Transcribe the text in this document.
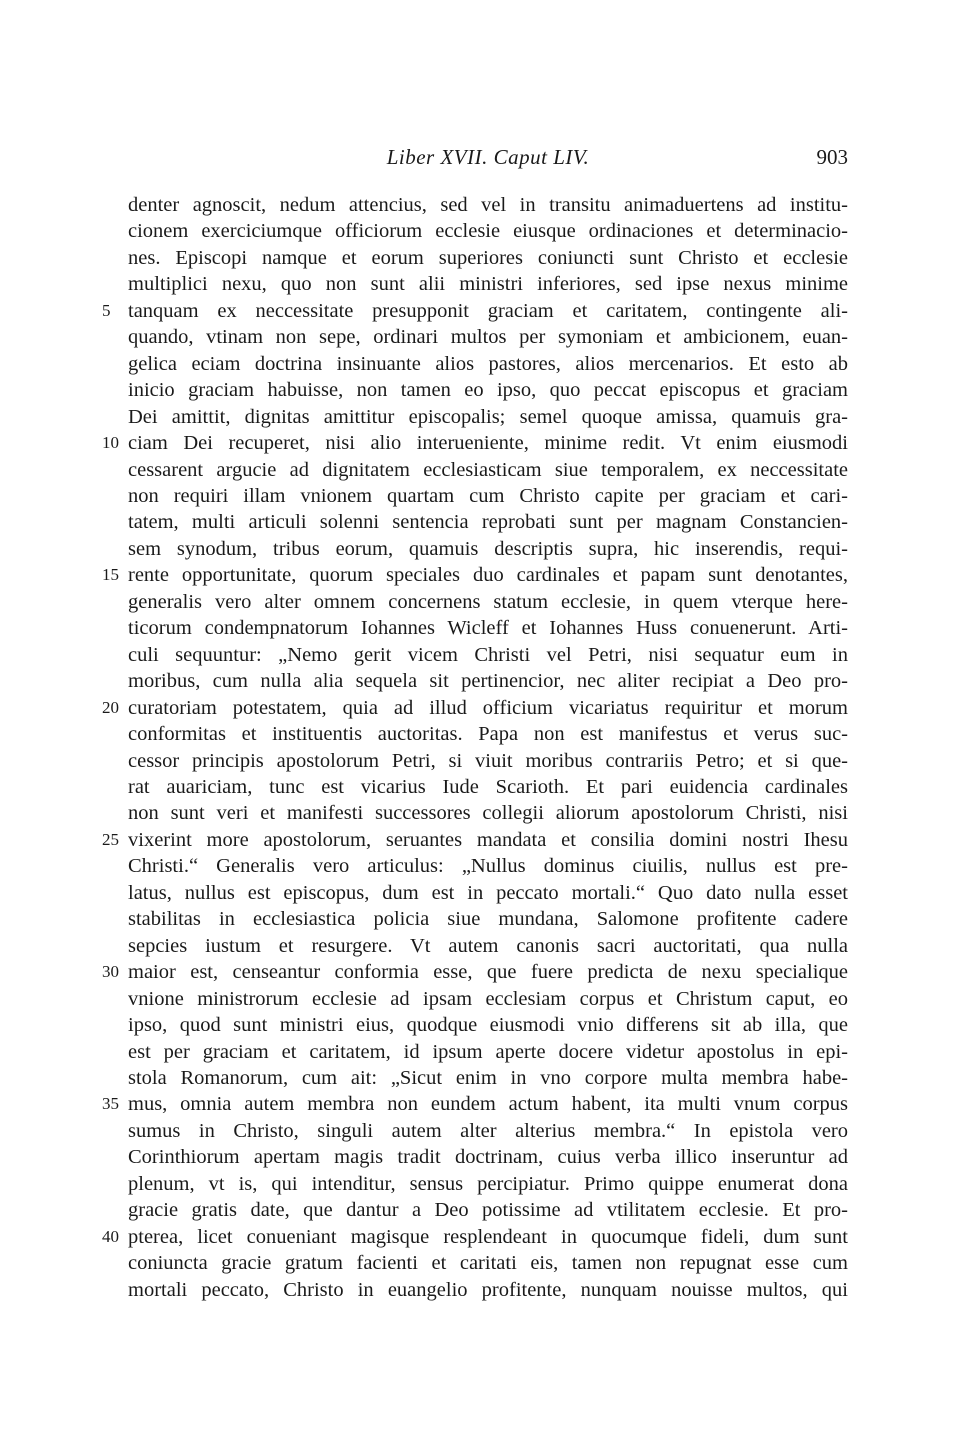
Liber XVII. Caput LIV.	903
denter agnoscit, nedum attencius, sed vel in transitu animaduertens ad institu-
cionem exerciciumque officiorum ecclesie eiusque ordinaciones et determinacio-
nes. Episcopi namque et eorum superiores coniuncti sunt Christo et ecclesie
multiplici nexu, quo non sunt alii ministri inferiores, sed ipse nexus minime
5 tanquam ex neccessitate presupponit graciam et caritatem, contingente ali-
quando, vtinam non sepe, ordinari multos per symoniam et ambicionem, euan-
gelica eciam doctrina insinuante alios pastores, alios mercenarios. Et esto ab
inicio graciam habuisse, non tamen eo ipso, quo peccat episcopus et graciam
Dei amittit, dignitas amittitur episcopalis; semel quoque amissa, quamuis gra-
10 ciam Dei recuperet, nisi alio interueniente, minime redit. Vt enim eiusmodi
cessarent argucie ad dignitatem ecclesiasticam siue temporalem, ex neccessitate
non requiri illam vnionem quartam cum Christo capite per graciam et cari-
tatem, multi articuli solenni sentencia reprobati sunt per magnam Constancien-
sem synodum, tribus eorum, quamuis descriptis supra, hic inserendis, requi-
15 rente opportunitate, quorum speciales duo cardinales et papam sunt denotantes,
generalis vero alter omnem concernens statum ecclesie, in quem vterque here-
ticorum condempnatorum Iohannes Wicleff et Iohannes Huss conuenerunt. Arti-
culi sequuntur: „Nemo gerit vicem Christi vel Petri, nisi sequatur eum in
moribus, cum nulla alia sequela sit pertinencior, nec aliter recipiat a Deo pro-
20 curatoriam potestatem, quia ad illud officium vicariatus requiritur et morum
conformitas et instituentis auctoritas. Papa non est manifestus et verus suc-
cessor principis apostolorum Petri, si viuit moribus contrariis Petro; et si que-
rat auariciam, tunc est vicarius Iude Scarioth. Et pari euidencia cardinales
non sunt veri et manifesti successores collegii aliorum apostolorum Christi, nisi
25 vixerint more apostolorum, seruantes mandata et consilia domini nostri Ihesu
Christi.“ Generalis vero articulus: „Nullus dominus ciuilis, nullus est pre-
latus, nullus est episcopus, dum est in peccato mortali.“ Quo dato nulla esset
stabilitas in ecclesiastica policia siue mundana, Salomone profitente cadere
sepcies iustum et resurgere. Vt autem canonis sacri auctoritati, qua nulla
30 maior est, censeantur conformia esse, que fuere predicta de nexu specialique
vnione ministrorum ecclesie ad ipsam ecclesiam corpus et Christum caput, eo
ipso, quod sunt ministri eius, quodque eiusmodi vnio differens sit ab illa, que
est per graciam et caritatem, id ipsum aperte docere videtur apostolus in epi-
stola Romanorum, cum ait: „Sicut enim in vno corpore multa membra habe-
35 mus, omnia autem membra non eundem actum habent, ita multi vnum corpus
sumus in Christo, singuli autem alter alterius membra.“ In epistola vero
Corinthiorum apertam magis tradit doctrinam, cuius verba illico inseruntur ad
plenum, vt is, qui intenditur, sensus percipiatur. Primo quippe enumerat dona
gracie gratis date, que dantur a Deo potissime ad vtilitatem ecclesie. Et pro-
40 pterea, licet conueniant magisque resplendeant in quocumque fideli, dum sunt
coniuncta gracie gratum facienti et caritati eis, tamen non repugnat esse cum
mortali peccato, Christo in euangelio profitente, nunquam nouisse multos, qui
